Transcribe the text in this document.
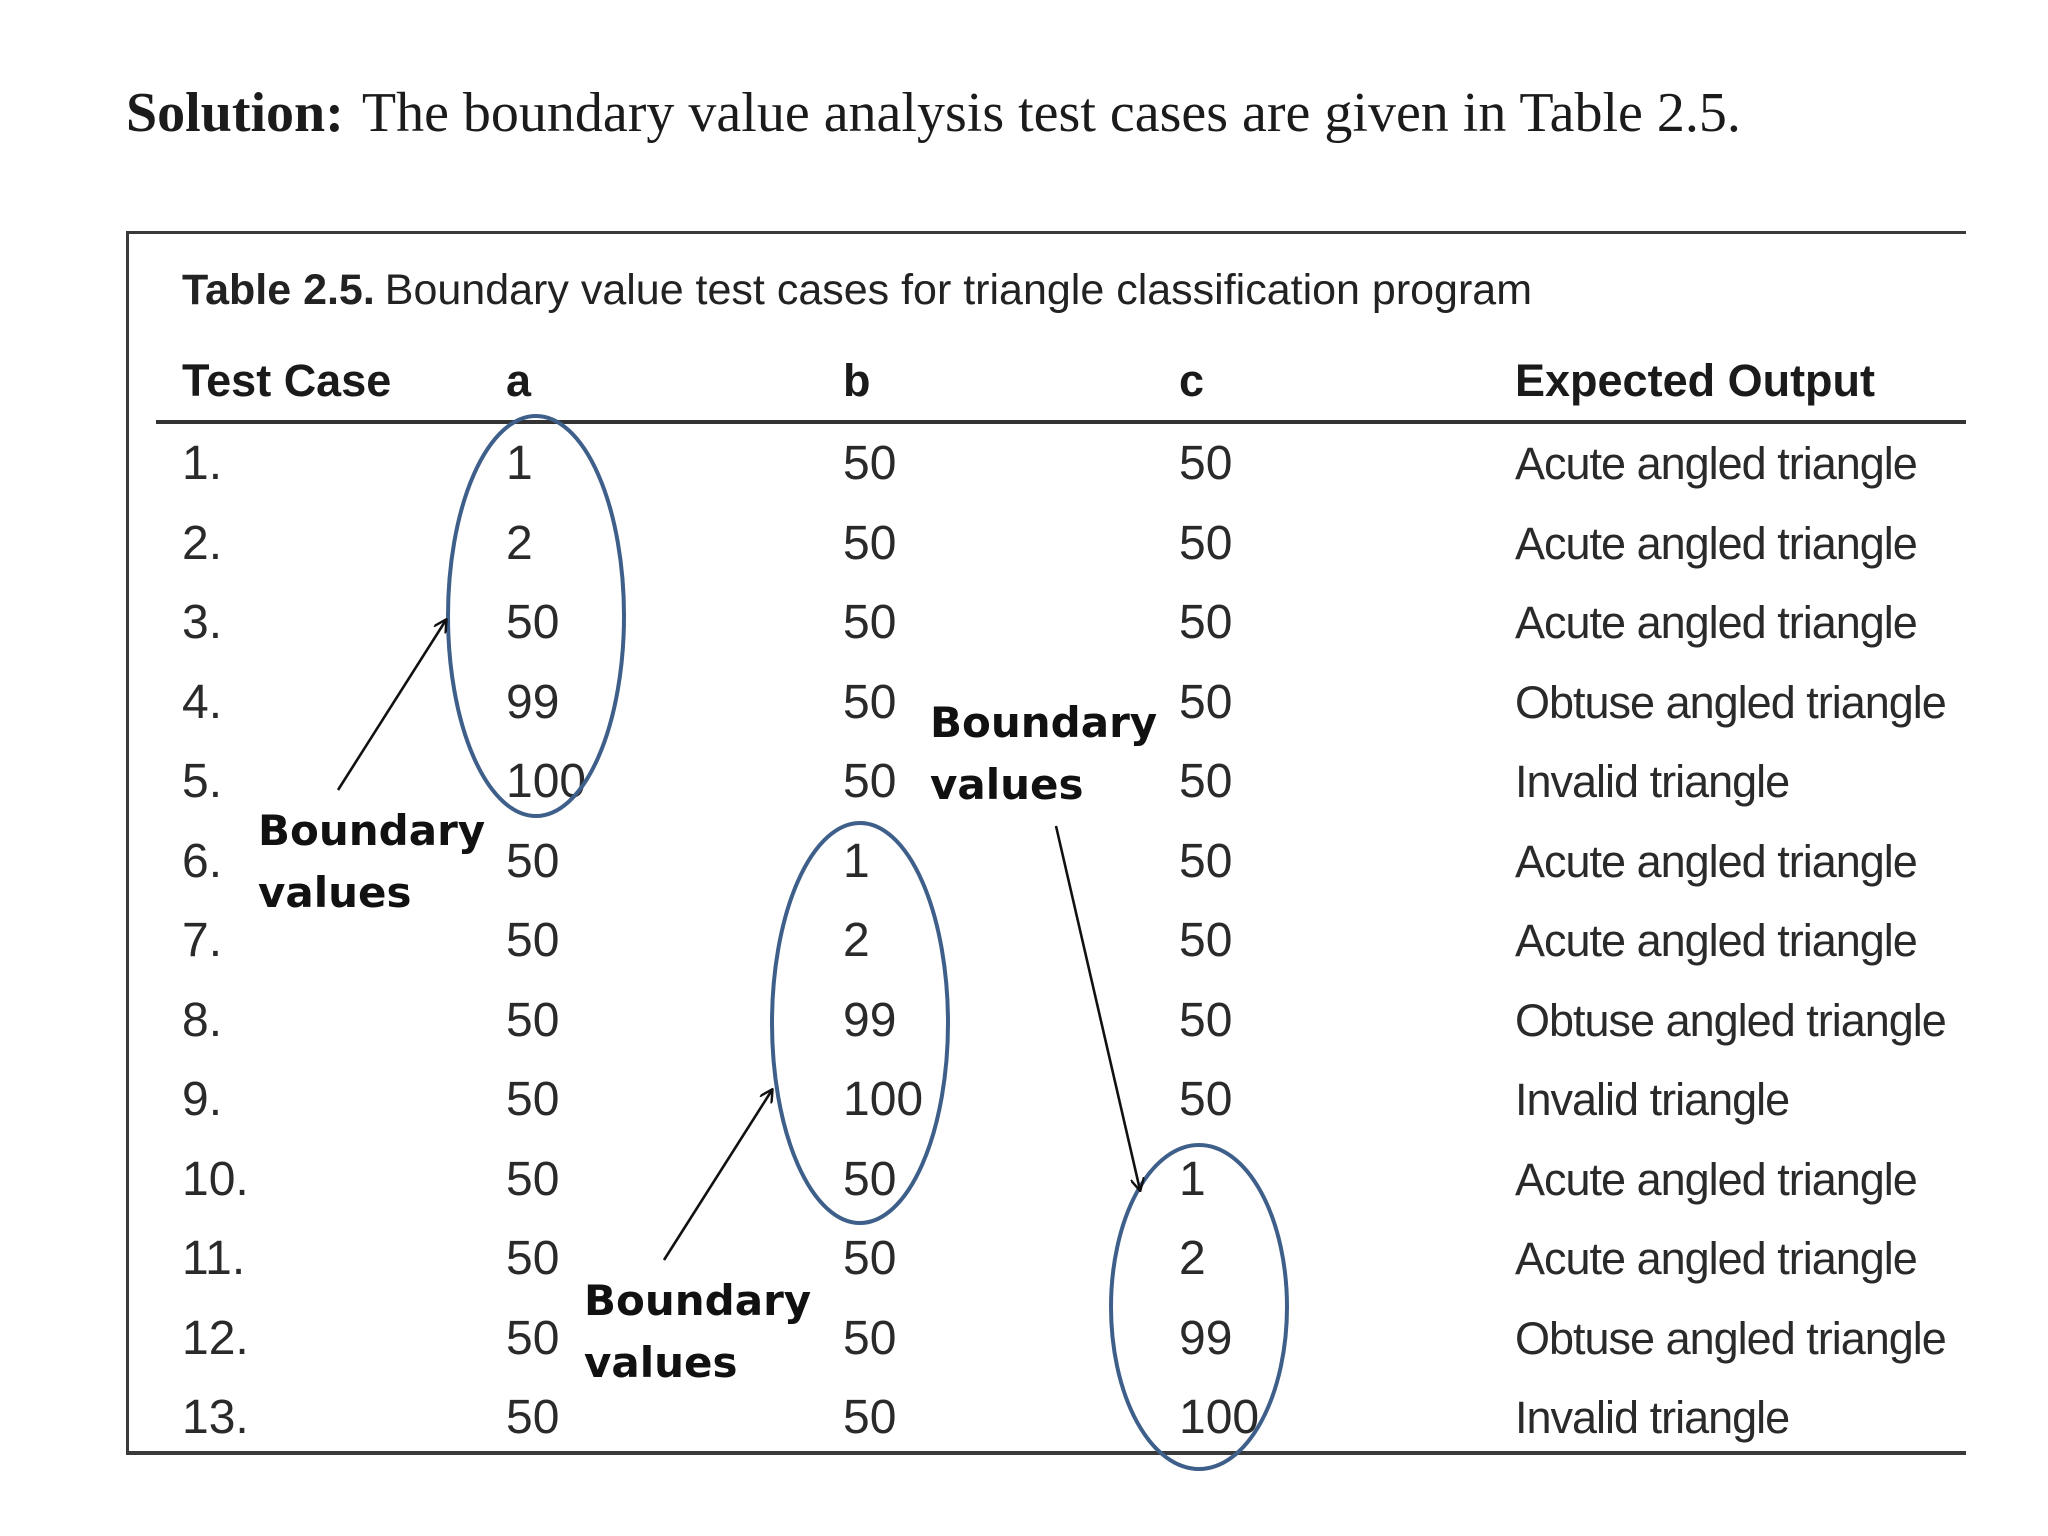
Solution: The boundary value analysis test cases are given in Table 2.5.
Table 2.5. Boundary value test cases for triangle classification program
Test Case	a	b	c	Expected Output
1.	1	50	50	Acute angled triangle
2.	2	50	50	Acute angled triangle
3.	50	50	50	Acute angled triangle
4.	99	50	50	Obtuse angled triangle
5.	100	50	50	Invalid triangle
6.	50	1	50	Acute angled triangle
7.	50	2	50	Acute angled triangle
8.	50	99	50	Obtuse angled triangle
9.	50	100	50	Invalid triangle
10.	50	50	1	Acute angled triangle
11.	50	50	2	Acute angled triangle
12.	50	50	99	Obtuse angled triangle
13.	50	50	100	Invalid triangle
Boundary
values
Boundary
values
Boundary
values
